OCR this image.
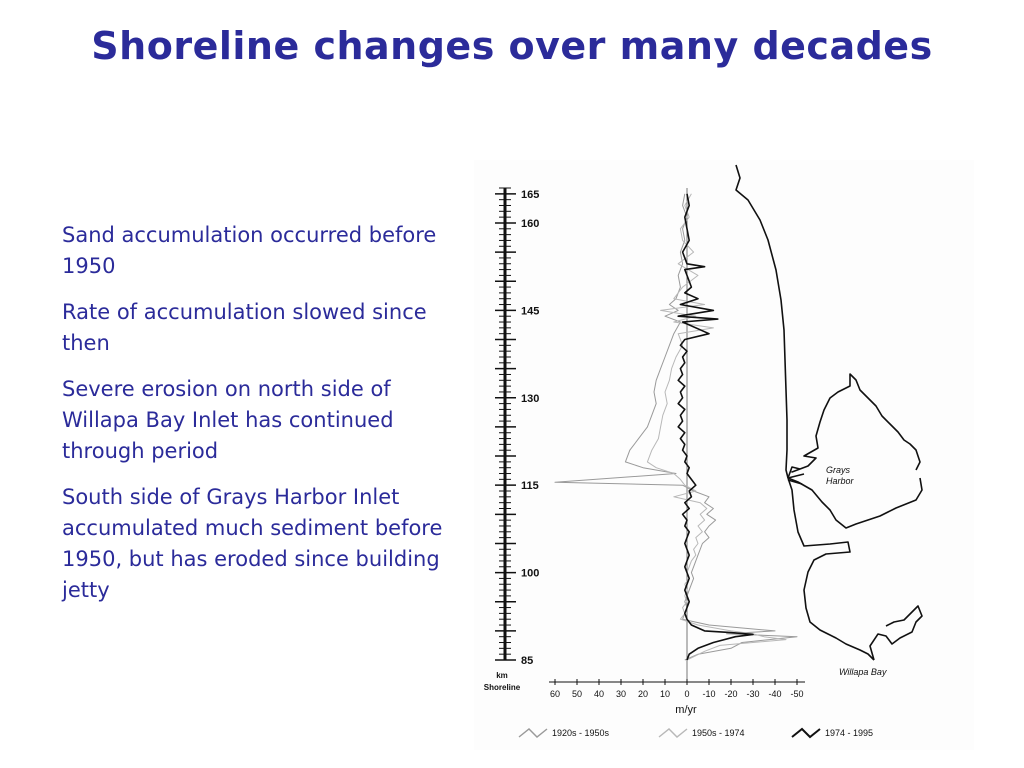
Shoreline changes over many decades
Sand accumulation occurred before 1950
Rate of accumulation slowed since then
Severe erosion on north side of Willapa Bay Inlet has continued through period
South side of Grays Harbor Inlet accumulated much sediment before 1950, but has eroded since building jetty
165
160
145
130
115
100
85
km
Shoreline
60 50 40 30 20 10 0 -10 -20 -30 -40 -50
m/yr
Grays
Harbor
Willapa Bay
1920s - 1950s	1950s - 1974	1974 - 1995
